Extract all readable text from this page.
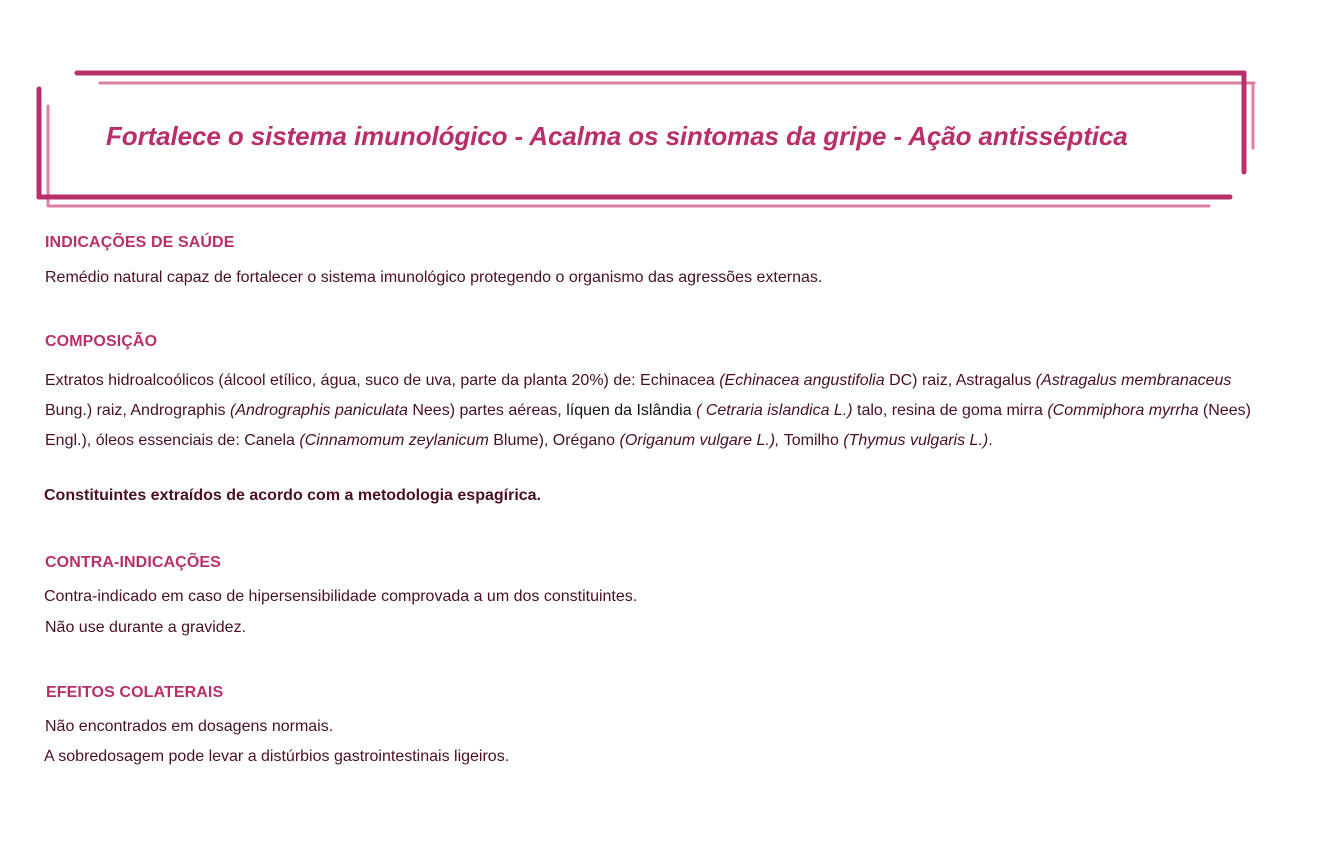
Fortalece o sistema imunológico - Acalma os sintomas da gripe - Ação antisséptica
INDICAÇÕES DE SAÚDE

Remédio natural capaz de fortalecer o sistema imunológico protegendo o organismo das agressões externas.

COMPOSIÇÃO

Extratos hidroalcoólicos (álcool etílico, água, suco de uva, parte da planta 20%) de: Echinacea (Echinacea angustifolia DC) raiz, Astragalus (Astragalus membranaceus Bung.) raiz, Andrographis (Andrographis paniculata Nees) partes aéreas, líquen da Islândia ( Cetraria islandica L.) talo, resina de goma mirra (Commiphora myrrha (Nees) Engl.), óleos essenciais de: Canela (Cinnamomum zeylanicum Blume), Orégano (Origanum vulgare L.), Tomilho (Thymus vulgaris L.).

Constituintes extraídos de acordo com a metodologia espagírica.

CONTRA-INDICAÇÕES

Contra-indicado em caso de hipersensibilidade comprovada a um dos constituintes.

Não use durante a gravidez.

EFEITOS COLATERAIS

Não encontrados em dosagens normais.

A sobredosagem pode levar a distúrbios gastrointestinais ligeiros.
